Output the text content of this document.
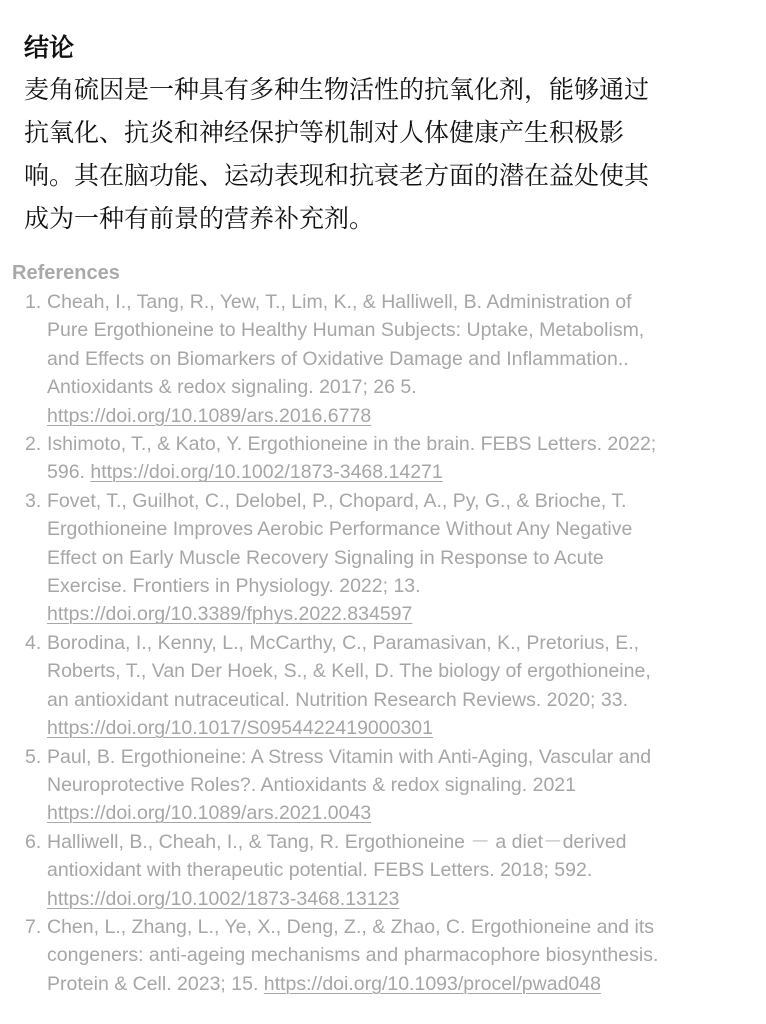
结论

麦角硫因是一种具有多种生物活性的抗氧化剂，能够通过

抗氧化、抗炎和神经保护等机制对人体健康产生积极影

响。其在脑功能、运动表现和抗衰老方面的潜在益处使其

成为一种有前景的营养补充剂。

References
1. Cheah, I., Tang, R., Yew, T., Lim, K., & Halliwell, B. Administration of
Pure Ergothioneine to Healthy Human Subjects: Uptake, Metabolism,
and Effects on Biomarkers of Oxidative Damage and Inflammation..
Antioxidants & redox signaling. 2017; 26 5.
https://doi.org/10.1089/ars.2016.6778
2. Ishimoto, T., & Kato, Y. Ergothioneine in the brain. FEBS Letters. 2022;
596. https://doi.org/10.1002/1873-3468.14271
3. Fovet, T., Guilhot, C., Delobel, P., Chopard, A., Py, G., & Brioche, T.
Ergothioneine Improves Aerobic Performance Without Any Negative
Effect on Early Muscle Recovery Signaling in Response to Acute
Exercise. Frontiers in Physiology. 2022; 13.
https://doi.org/10.3389/fphys.2022.834597
4. Borodina, I., Kenny, L., McCarthy, C., Paramasivan, K., Pretorius, E.,
Roberts, T., Van Der Hoek, S., & Kell, D. The biology of ergothioneine,
an antioxidant nutraceutical. Nutrition Research Reviews. 2020; 33.
https://doi.org/10.1017/S0954422419000301
5. Paul, B. Ergothioneine: A Stress Vitamin with Anti-Aging, Vascular and
Neuroprotective Roles?. Antioxidants & redox signaling. 2021
https://doi.org/10.1089/ars.2021.0043
6. Halliwell, B., Cheah, I., & Tang, R. Ergothioneine － a diet－derived
antioxidant with therapeutic potential. FEBS Letters. 2018; 592.
https://doi.org/10.1002/1873-3468.13123
7. Chen, L., Zhang, L., Ye, X., Deng, Z., & Zhao, C. Ergothioneine and its
congeners: anti-ageing mechanisms and pharmacophore biosynthesis.
Protein & Cell. 2023; 15. https://doi.org/10.1093/procel/pwad048
